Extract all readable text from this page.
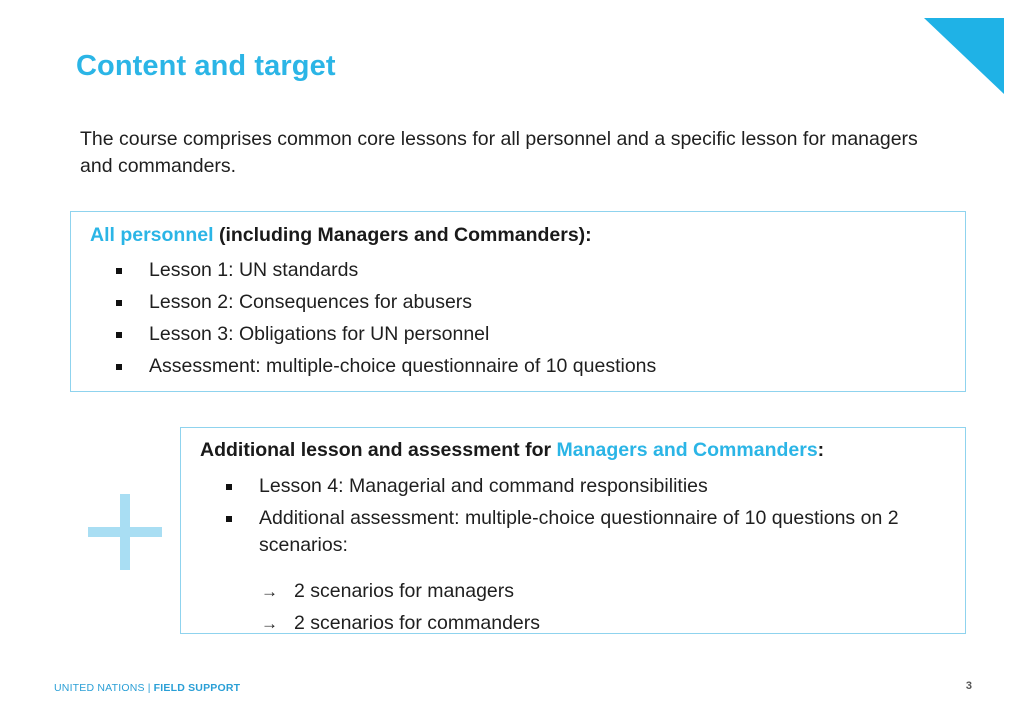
Content and target
The course comprises common core lessons for all personnel and a specific lesson for managers and commanders.
All personnel (including Managers and Commanders):
Lesson 1: UN standards
Lesson 2: Consequences for abusers
Lesson 3: Obligations for UN personnel
Assessment: multiple-choice questionnaire of 10 questions
Additional lesson and assessment for Managers and Commanders:
Lesson 4: Managerial and command responsibilities
Additional assessment: multiple-choice questionnaire of 10 questions on 2 scenarios:
→ 2 scenarios for managers
→ 2 scenarios for commanders
UNITED NATIONS | FIELD SUPPORT	3
